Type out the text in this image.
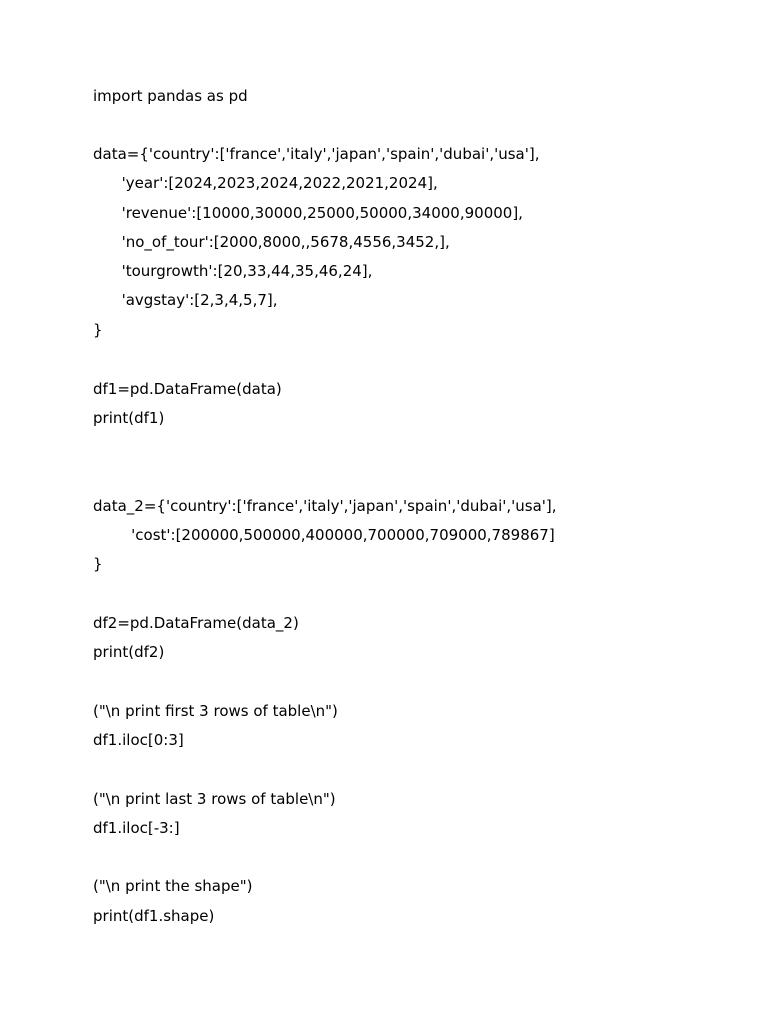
import pandas as pd
data={'country':['france','italy','japan','spain','dubai','usa'],
'year':[2024,2023,2024,2022,2021,2024],
'revenue':[10000,30000,25000,50000,34000,90000],
'no_of_tour':[2000,8000,,5678,4556,3452,],
'tourgrowth':[20,33,44,35,46,24],
'avgstay':[2,3,4,5,7],
}
df1=pd.DataFrame(data)
print(df1)
data_2={'country':['france','italy','japan','spain','dubai','usa'],
'cost':[200000,500000,400000,700000,709000,789867]
}
df2=pd.DataFrame(data_2)
print(df2)
("\n print first 3 rows of table\n")
df1.iloc[0:3]
("\n print last 3 rows of table\n")
df1.iloc[-3:]
("\n print the shape")
print(df1.shape)
